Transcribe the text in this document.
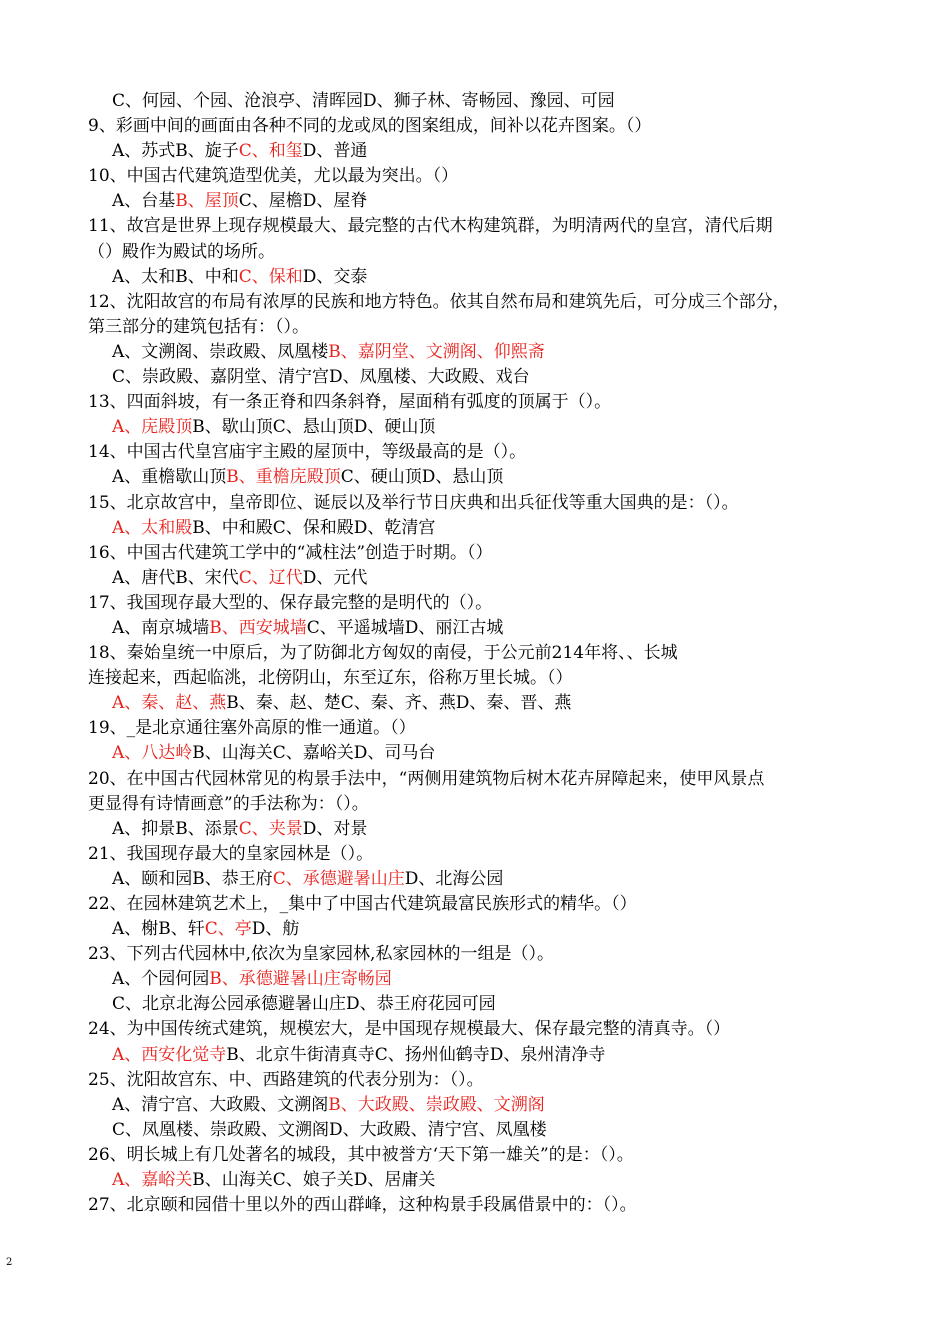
C、何园、个园、沧浪亭、清晖园D、狮子林、寄畅园、豫园、可园
9、彩画中间的画面由各种不同的龙或凤的图案组成，间补以花卉图案。（）
A、苏式B、旋子C、和玺D、普通
10、中国古代建筑造型优美，尤以最为突出。（）
A、台基B、屋顶C、屋檐D、屋脊
11、故宫是世界上现存规模最大、最完整的古代木构建筑群，为明清两代的皇宫，清代后期
（）殿作为殿试的场所。
A、太和B、中和C、保和D、交泰
12、沈阳故宫的布局有浓厚的民族和地方特色。依其自然布局和建筑先后，可分成三个部分，
第三部分的建筑包括有：（）。
A、文溯阁、崇政殿、凤凰楼B、嘉阴堂、文溯阁、仰熙斋
C、崇政殿、嘉阴堂、清宁宫D、凤凰楼、大政殿、戏台
13、四面斜坡，有一条正脊和四条斜脊，屋面稍有弧度的顶属于（）。
A、庑殿顶B、歇山顶C、悬山顶D、硬山顶
14、中国古代皇宫庙宇主殿的屋顶中，等级最高的是（）。
A、重檐歇山顶B、重檐庑殿顶C、硬山顶D、悬山顶
15、北京故宫中，皇帝即位、诞辰以及举行节日庆典和出兵征伐等重大国典的是：（）。
A、太和殿B、中和殿C、保和殿D、乾清宫
16、中国古代建筑工学中的“减柱法”创造于时期。（）
A、唐代B、宋代C、辽代D、元代
17、我国现存最大型的、保存最完整的是明代的（）。
A、南京城墙B、西安城墙C、平遥城墙D、丽江古城
18、秦始皇统一中原后，为了防御北方匈奴的南侵，于公元前214年将、、长城
连接起来，西起临洮，北傍阴山，东至辽东，俗称万里长城。（）
A、秦、赵、燕B、秦、赵、楚C、秦、齐、燕D、秦、晋、燕
19、_是北京通往塞外高原的惟一通道。（）
A、八达岭B、山海关C、嘉峪关D、司马台
20、在中国古代园林常见的构景手法中，“两侧用建筑物后树木花卉屏障起来，使甲风景点
更显得有诗情画意”的手法称为：（）。
A、抑景B、添景C、夹景D、对景
21、我国现存最大的皇家园林是（）。
A、颐和园B、恭王府C、承德避暑山庄D、北海公园
22、在园林建筑艺术上，_集中了中国古代建筑最富民族形式的精华。（）
A、榭B、轩C、亭D、舫
23、下列古代园林中,依次为皇家园林,私家园林的一组是（）。
A、个园何园B、承德避暑山庄寄畅园
C、北京北海公园承德避暑山庄D、恭王府花园可园
24、为中国传统式建筑，规模宏大，是中国现存规模最大、保存最完整的清真寺。（）
A、西安化觉寺B、北京牛街清真寺C、扬州仙鹤寺D、泉州清净寺
25、沈阳故宫东、中、西路建筑的代表分别为：（）。
A、清宁宫、大政殿、文溯阁B、大政殿、崇政殿、文溯阁
C、凤凰楼、崇政殿、文溯阁D、大政殿、清宁宫、凤凰楼
26、明长城上有几处著名的城段，其中被誉方‘天下第一雄关”的是：（）。
A、嘉峪关B、山海关C、娘子关D、居庸关
27、北京颐和园借十里以外的西山群峰，这种构景手段属借景中的：（）。
2
